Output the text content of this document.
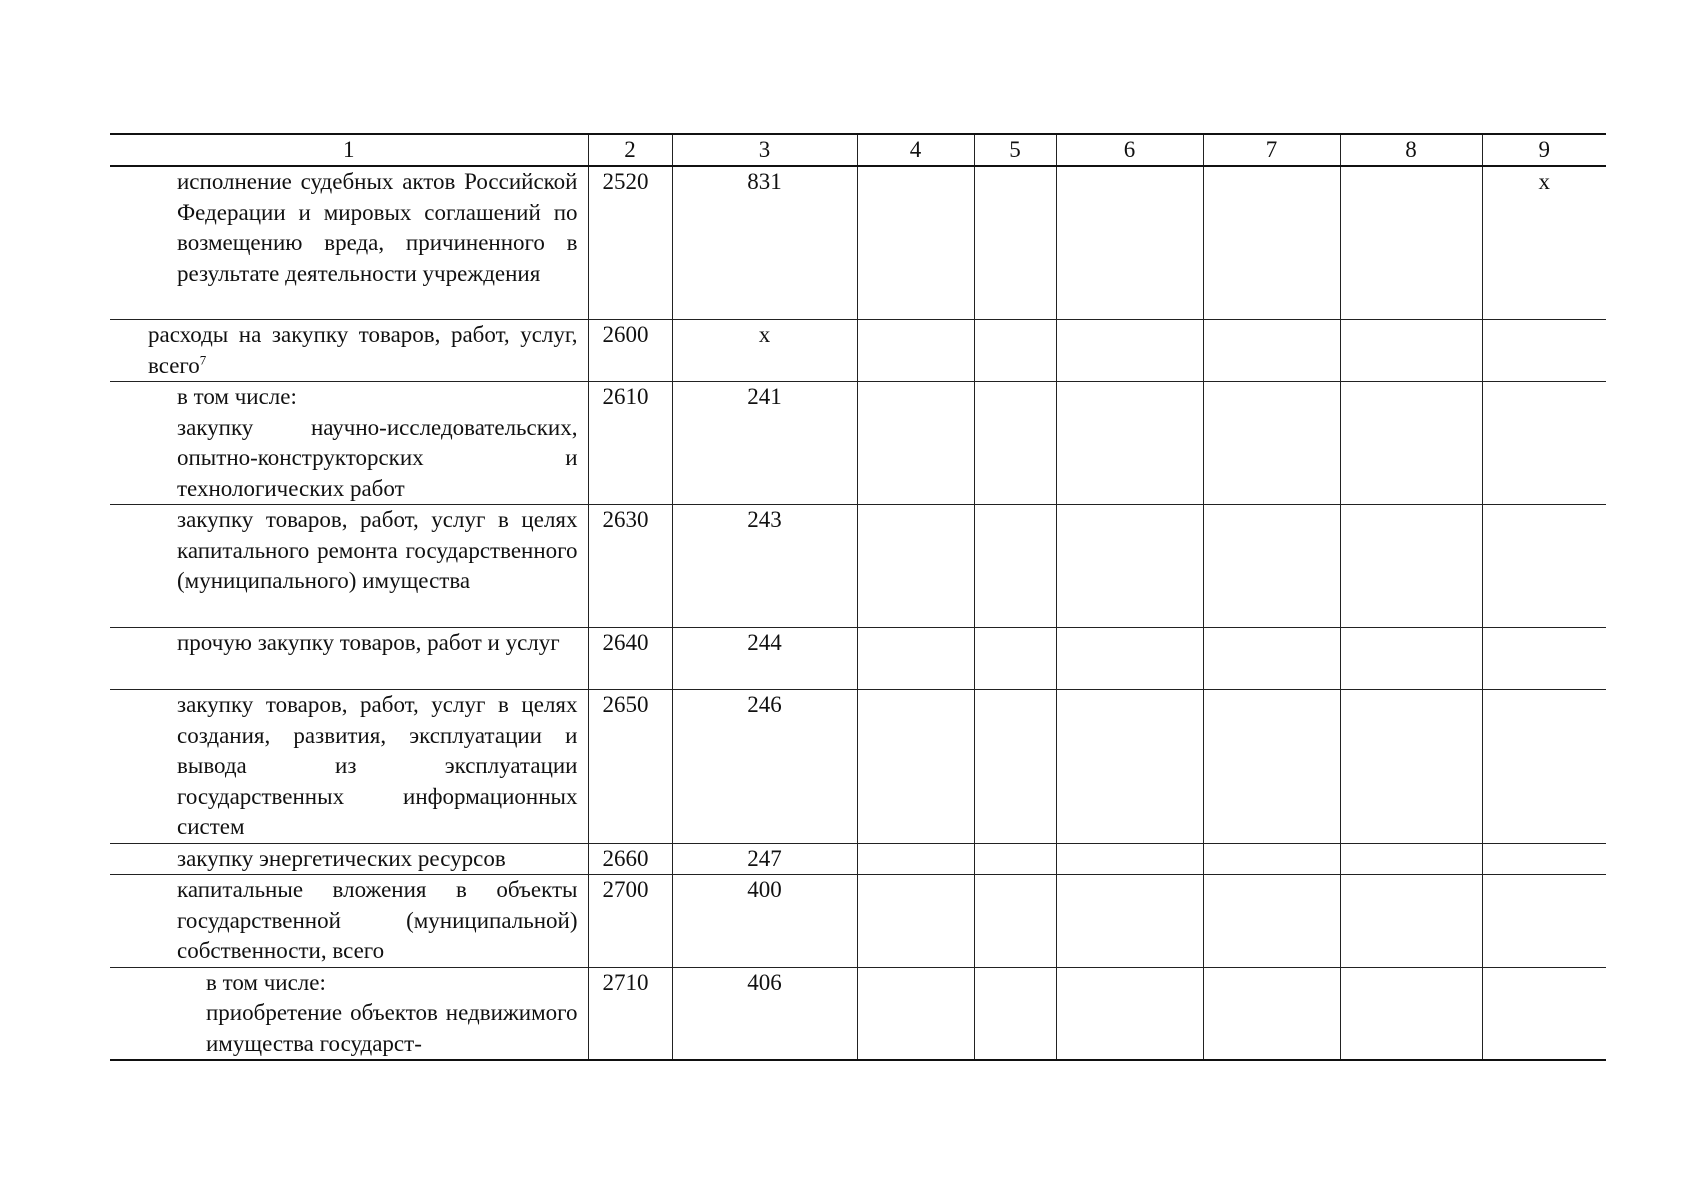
1	2	3	4	5	6	7	8	9

исполнение судебных актов Российской Федерации и мировых соглашений по возмещению вреда, причиненного в результате деятельности учреждения	2520	831						х
расходы на закупку товаров, работ, услуг, всего$^7$	2600	х						

в том числе:
закупку научно-исследовательских, опытно-конструкторских и технологических работ	2610	241						

закупку товаров, работ, услуг в целях капитального ремонта государственного (муниципального) имущества	2630	243						

прочую закупку товаров, работ и услуг	2640	244						

закупку товаров, работ, услуг в целях создания, развития, эксплуатации и вывода из эксплуатации государственных информационных систем	2650	246						

закупку энергетических ресурсов	2660	247						

капитальные вложения в объекты государственной (муниципальной) собственности, всего	2700	400						

в том числе:
приобретение объектов недвижимого имущества государст-	2710	406						
